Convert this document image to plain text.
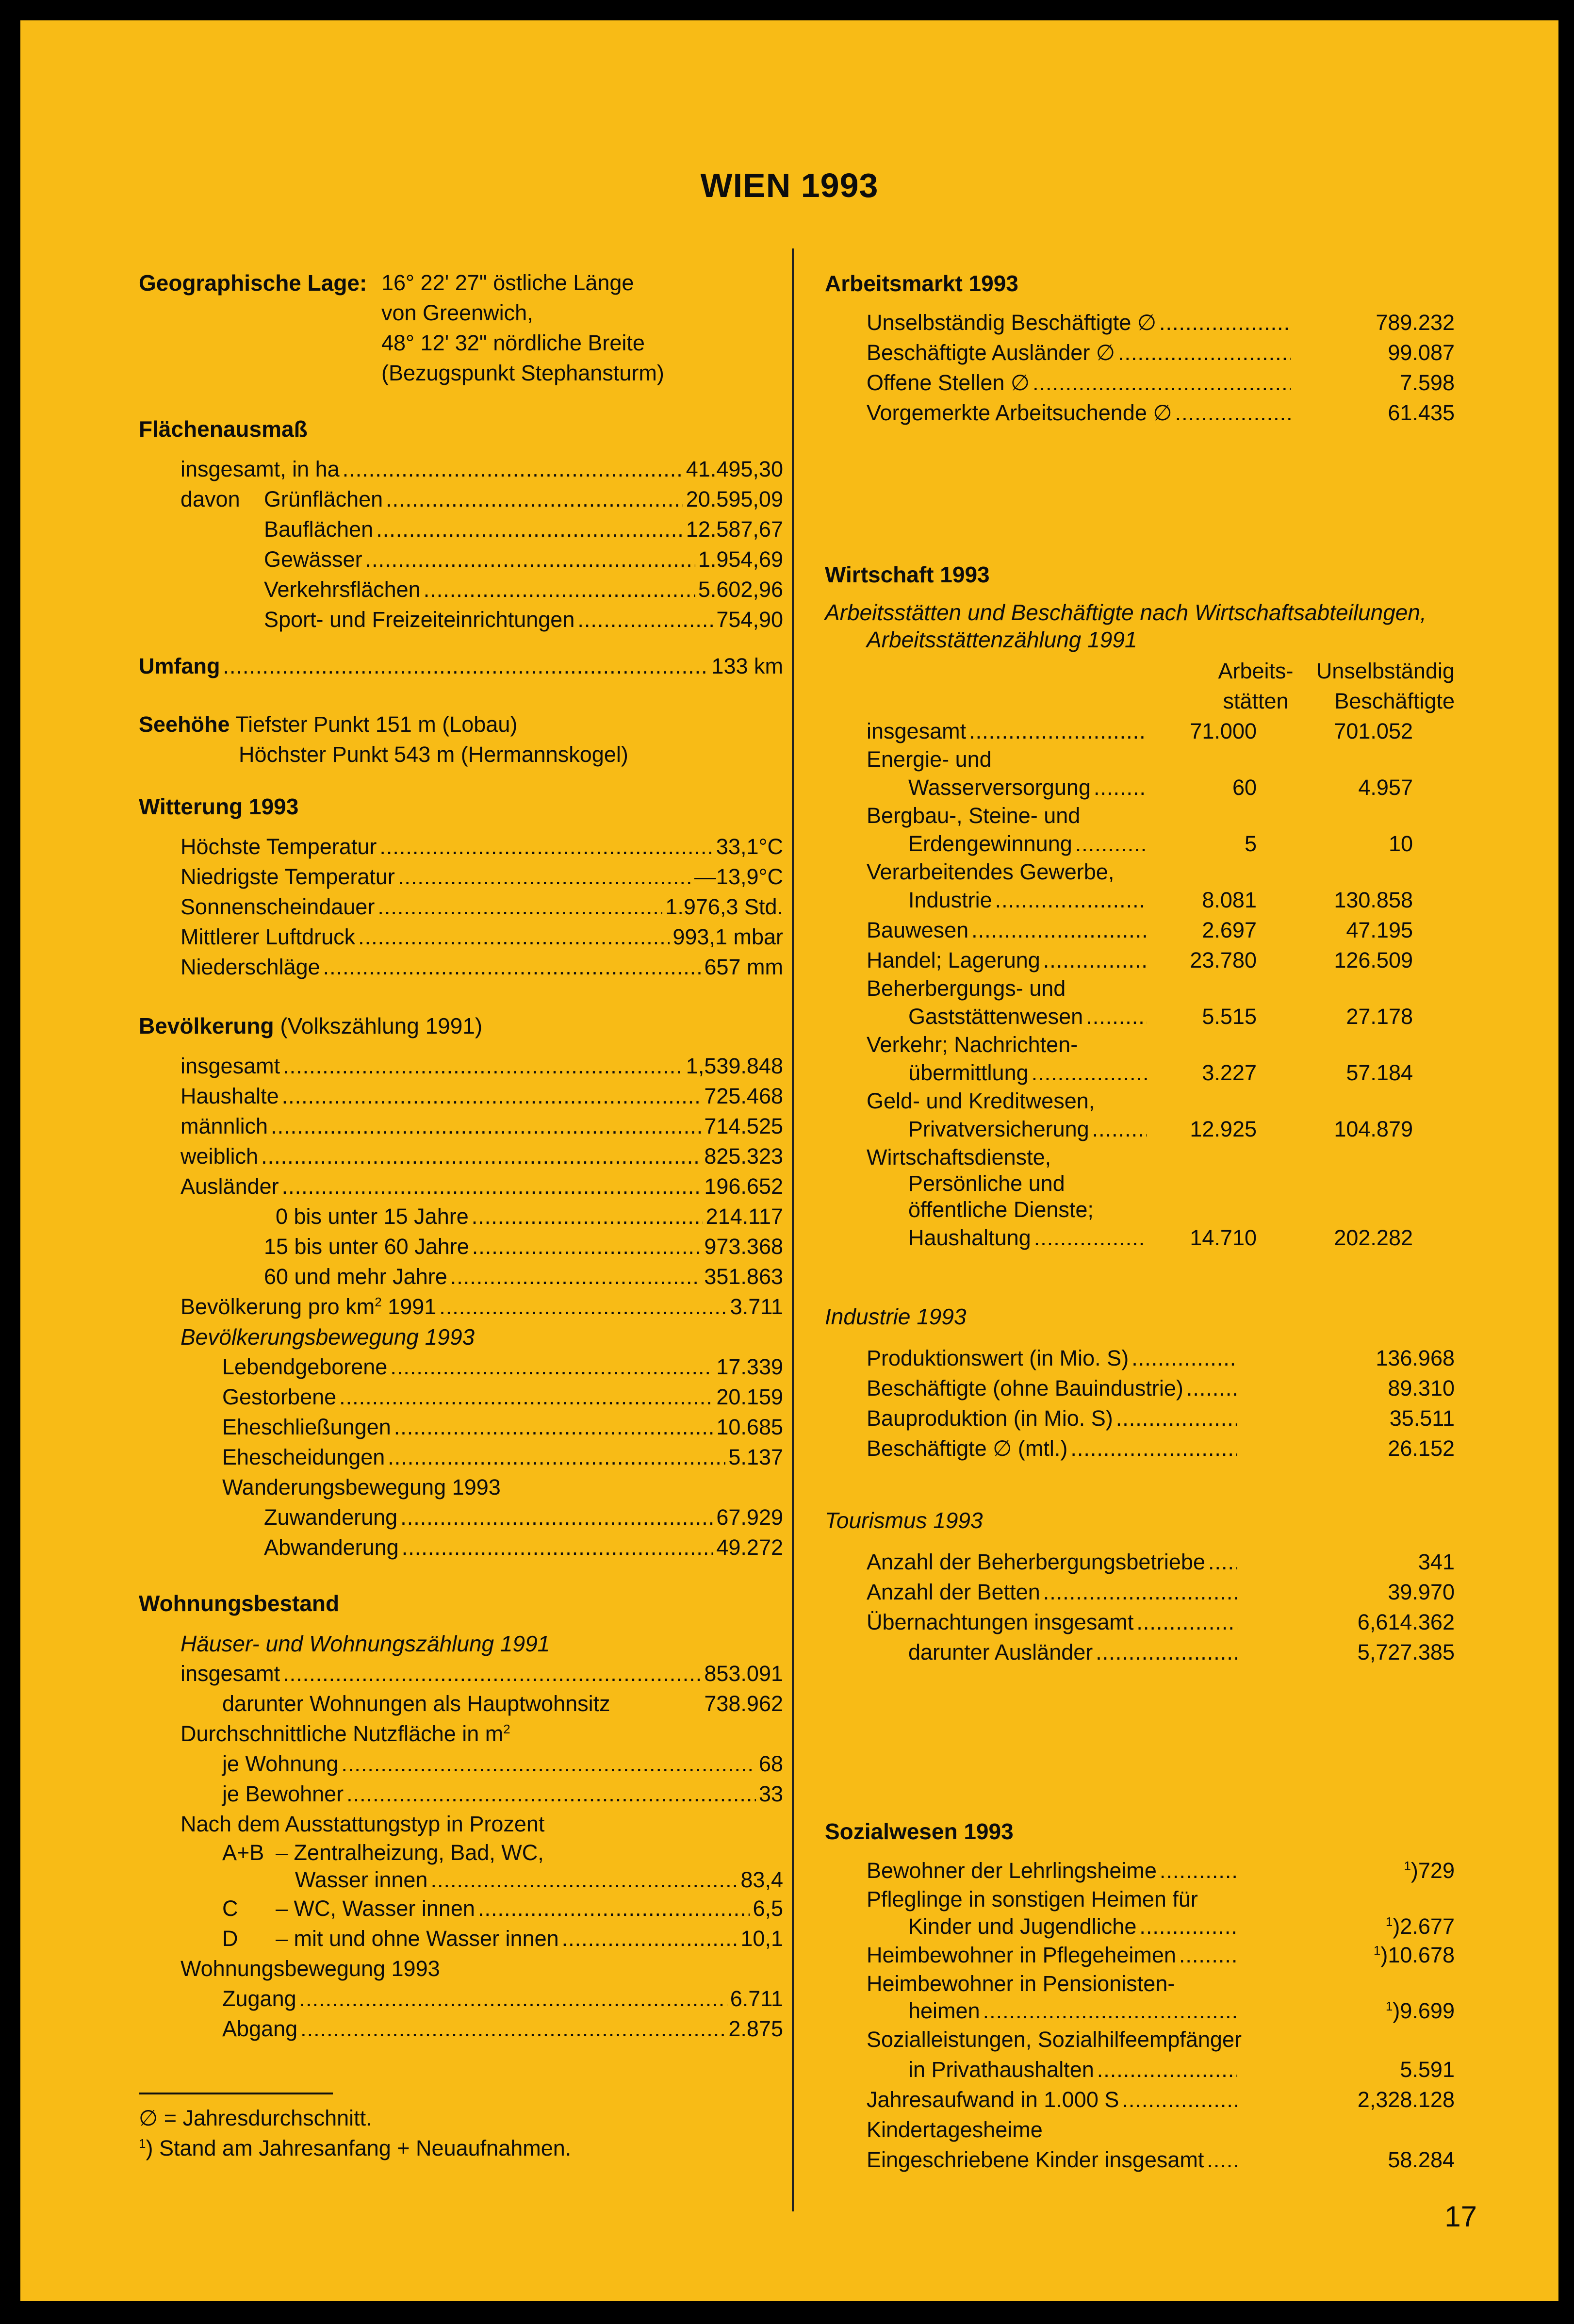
WIEN 1993
Geographische Lage: 16° 22' 27" östliche Länge
von Greenwich,
48° 12' 32" nördliche Breite
(Bezugspunkt Stephansturm)
Flächenausmaß
insgesamt, in ha .....	41.495,30
davon	Grünflächen .....	20.595,09
Bauflächen .....	12.587,67
Gewässer .....	1.954,69
Verkehrsflächen .....	5.602,96
Sport- und Freizeiteinrichtungen .....	754,90
Umfang .....	133 km
Seehöhe Tiefster Punkt 151 m (Lobau)
Höchster Punkt 543 m (Hermannskogel)
Witterung 1993
Höchste Temperatur .....	33,1°C
Niedrigste Temperatur .....	—13,9°C
Sonnenscheindauer .....	1.976,3 Std.
Mittlerer Luftdruck .....	993,1 mbar
Niederschläge .....	657 mm
Bevölkerung (Volkszählung 1991)
insgesamt .....	1,539.848
Haushalte .....	725.468
männlich .....	714.525
weiblich .....	825.323
Ausländer .....	196.652
0 bis unter 15 Jahre .....	214.117
15 bis unter 60 Jahre .....	973.368
60 und mehr Jahre .....	351.863
Bevölkerung pro $km^2$ 1991 .....	3.711
Bevölkerungsbewegung 1993
Lebendgeborene .....	17.339
Gestorbene .....	20.159
Eheschließungen .....	10.685
Ehescheidungen .....	5.137
Wanderungsbewegung 1993
Zuwanderung .....	67.929
Abwanderung .....	49.272
Wohnungsbestand
Häuser- und Wohnungszählung 1991
insgesamt .....	853.091
darunter Wohnungen als Hauptwohnsitz	738.962
Durchschnittliche Nutzfläche in $m^2$
je Wohnung .....	68
je Bewohner .....	33
Nach dem Ausstattungstyp in Prozent
A+B – Zentralheizung, Bad, WC,
Wasser innen .....	83,4
C	– WC, Wasser innen .....	6,5
D	– mit und ohne Wasser innen .....	10,1
Wohnungsbewegung 1993
Zugang .....	6.711
Abgang .....	2.875
∅ = Jahresdurchschnitt.
$^1$) Stand am Jahresanfang + Neuaufnahmen.
Arbeitsmarkt 1993
Unselbständig Beschäftigte ∅ .....	789.232
Beschäftigte Ausländer ∅ .....	99.087
Offene Stellen ∅ .....	7.598
Vorgemerkte Arbeitsuchende ∅ .....	61.435
Wirtschaft 1993
Arbeitsstätten und Beschäftigte nach Wirtschaftsabteilungen,
Arbeitsstättenzählung 1991
Arbeits-
stätten
Unselbständig
Beschäftigte
insgesamt .....	71.000	701.052
Energie- und
Wasserversorgung .....	60	4.957
Bergbau-, Steine- und
Erdengewinnung .....	5	10
Verarbeitendes Gewerbe,
Industrie .....	8.081	130.858
Bauwesen .....	2.697	47.195
Handel; Lagerung .....	23.780	126.509
Beherbergungs- und
Gaststättenwesen .....	5.515	27.178
Verkehr; Nachrichten-
übermittlung .....	3.227	57.184
Geld- und Kreditwesen,
Privatversicherung .....	12.925	104.879
Wirtschaftsdienste,
Persönliche und
öffentliche Dienste;
Haushaltung .....	14.710	202.282
Industrie 1993
Produktionswert (in Mio. S) .....	136.968
Beschäftigte (ohne Bauindustrie) .....	89.310
Bauproduktion (in Mio. S) .....	35.511
Beschäftigte ∅ (mtl.) .....	26.152
Tourismus 1993
Anzahl der Beherbergungsbetriebe .....	341
Anzahl der Betten .....	39.970
Übernachtungen insgesamt .....	6,614.362
darunter Ausländer .....	5,727.385
Sozialwesen 1993
Bewohner der Lehrlingsheime .....	$^1$)729
Pfleglinge in sonstigen Heimen für
Kinder und Jugendliche .....	$^1$)2.677
Heimbewohner in Pflegeheimen .....	$^1$)10.678
Heimbewohner in Pensionisten-
heimen .....	$^1$)9.699
Sozialleistungen, Sozialhilfeempfänger
in Privathaushalten .....	5.591
Jahresaufwand in 1.000 S .....	2,328.128
Kindertagesheime
Eingeschriebene Kinder insgesamt .....	58.284
17
